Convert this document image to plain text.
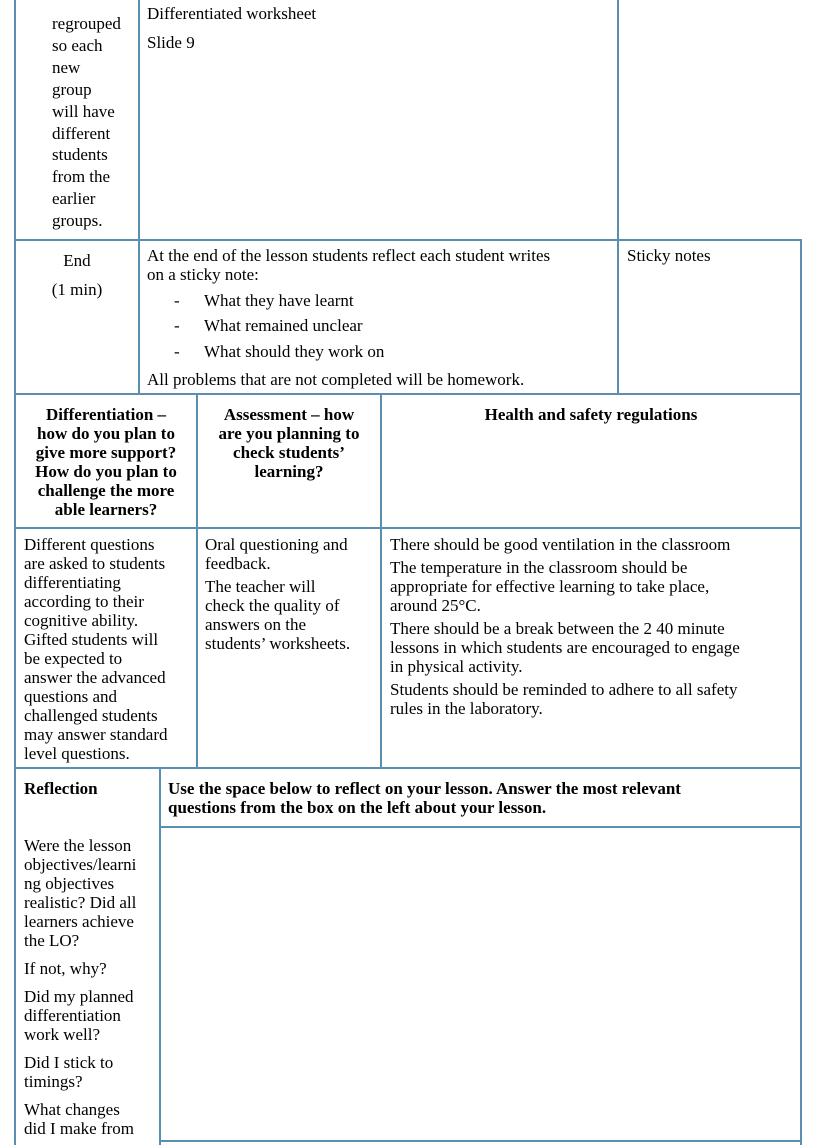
regrouped

so each

new

group

will have

different

students

from the

earlier

groups.

Differentiated worksheet

Slide 9

End

(1 min)

At the end of the lesson students reflect each student writes

on a sticky note:

- What they have learnt
- What remained unclear
- What should they work on
All problems that are not completed will be homework.
Sticky notes

Differentiation –

how do you plan to

give more support?

How do you plan to

challenge the more

able learners?

Assessment – how

are you planning to

check students’

learning?

Health and safety regulations

Different questions

are asked to students

differentiating

according to their

cognitive ability.

Gifted students will

be expected to

answer the advanced

questions and

challenged students

may answer standard

level questions.

Oral questioning and

feedback.

The teacher will

check the quality of

answers on the

students’ worksheets.

There should be good ventilation in the classroom

The temperature in the classroom should be

appropriate for effective learning to take place,

around 25°C.

There should be a break between the 2 40 minute

lessons in which students are encouraged to engage

in physical activity.

Students should be reminded to adhere to all safety

rules in the laboratory.

Reflection	Use the space below to reflect on your lesson. Answer the most relevant

questions from the box on the left about your lesson.

Were the lesson

objectives/learni

ng objectives

realistic? Did all

learners achieve

the LO?

If not, why?

Did my planned

differentiation

work well?

Did I stick to

timings?

What changes

did I make from
